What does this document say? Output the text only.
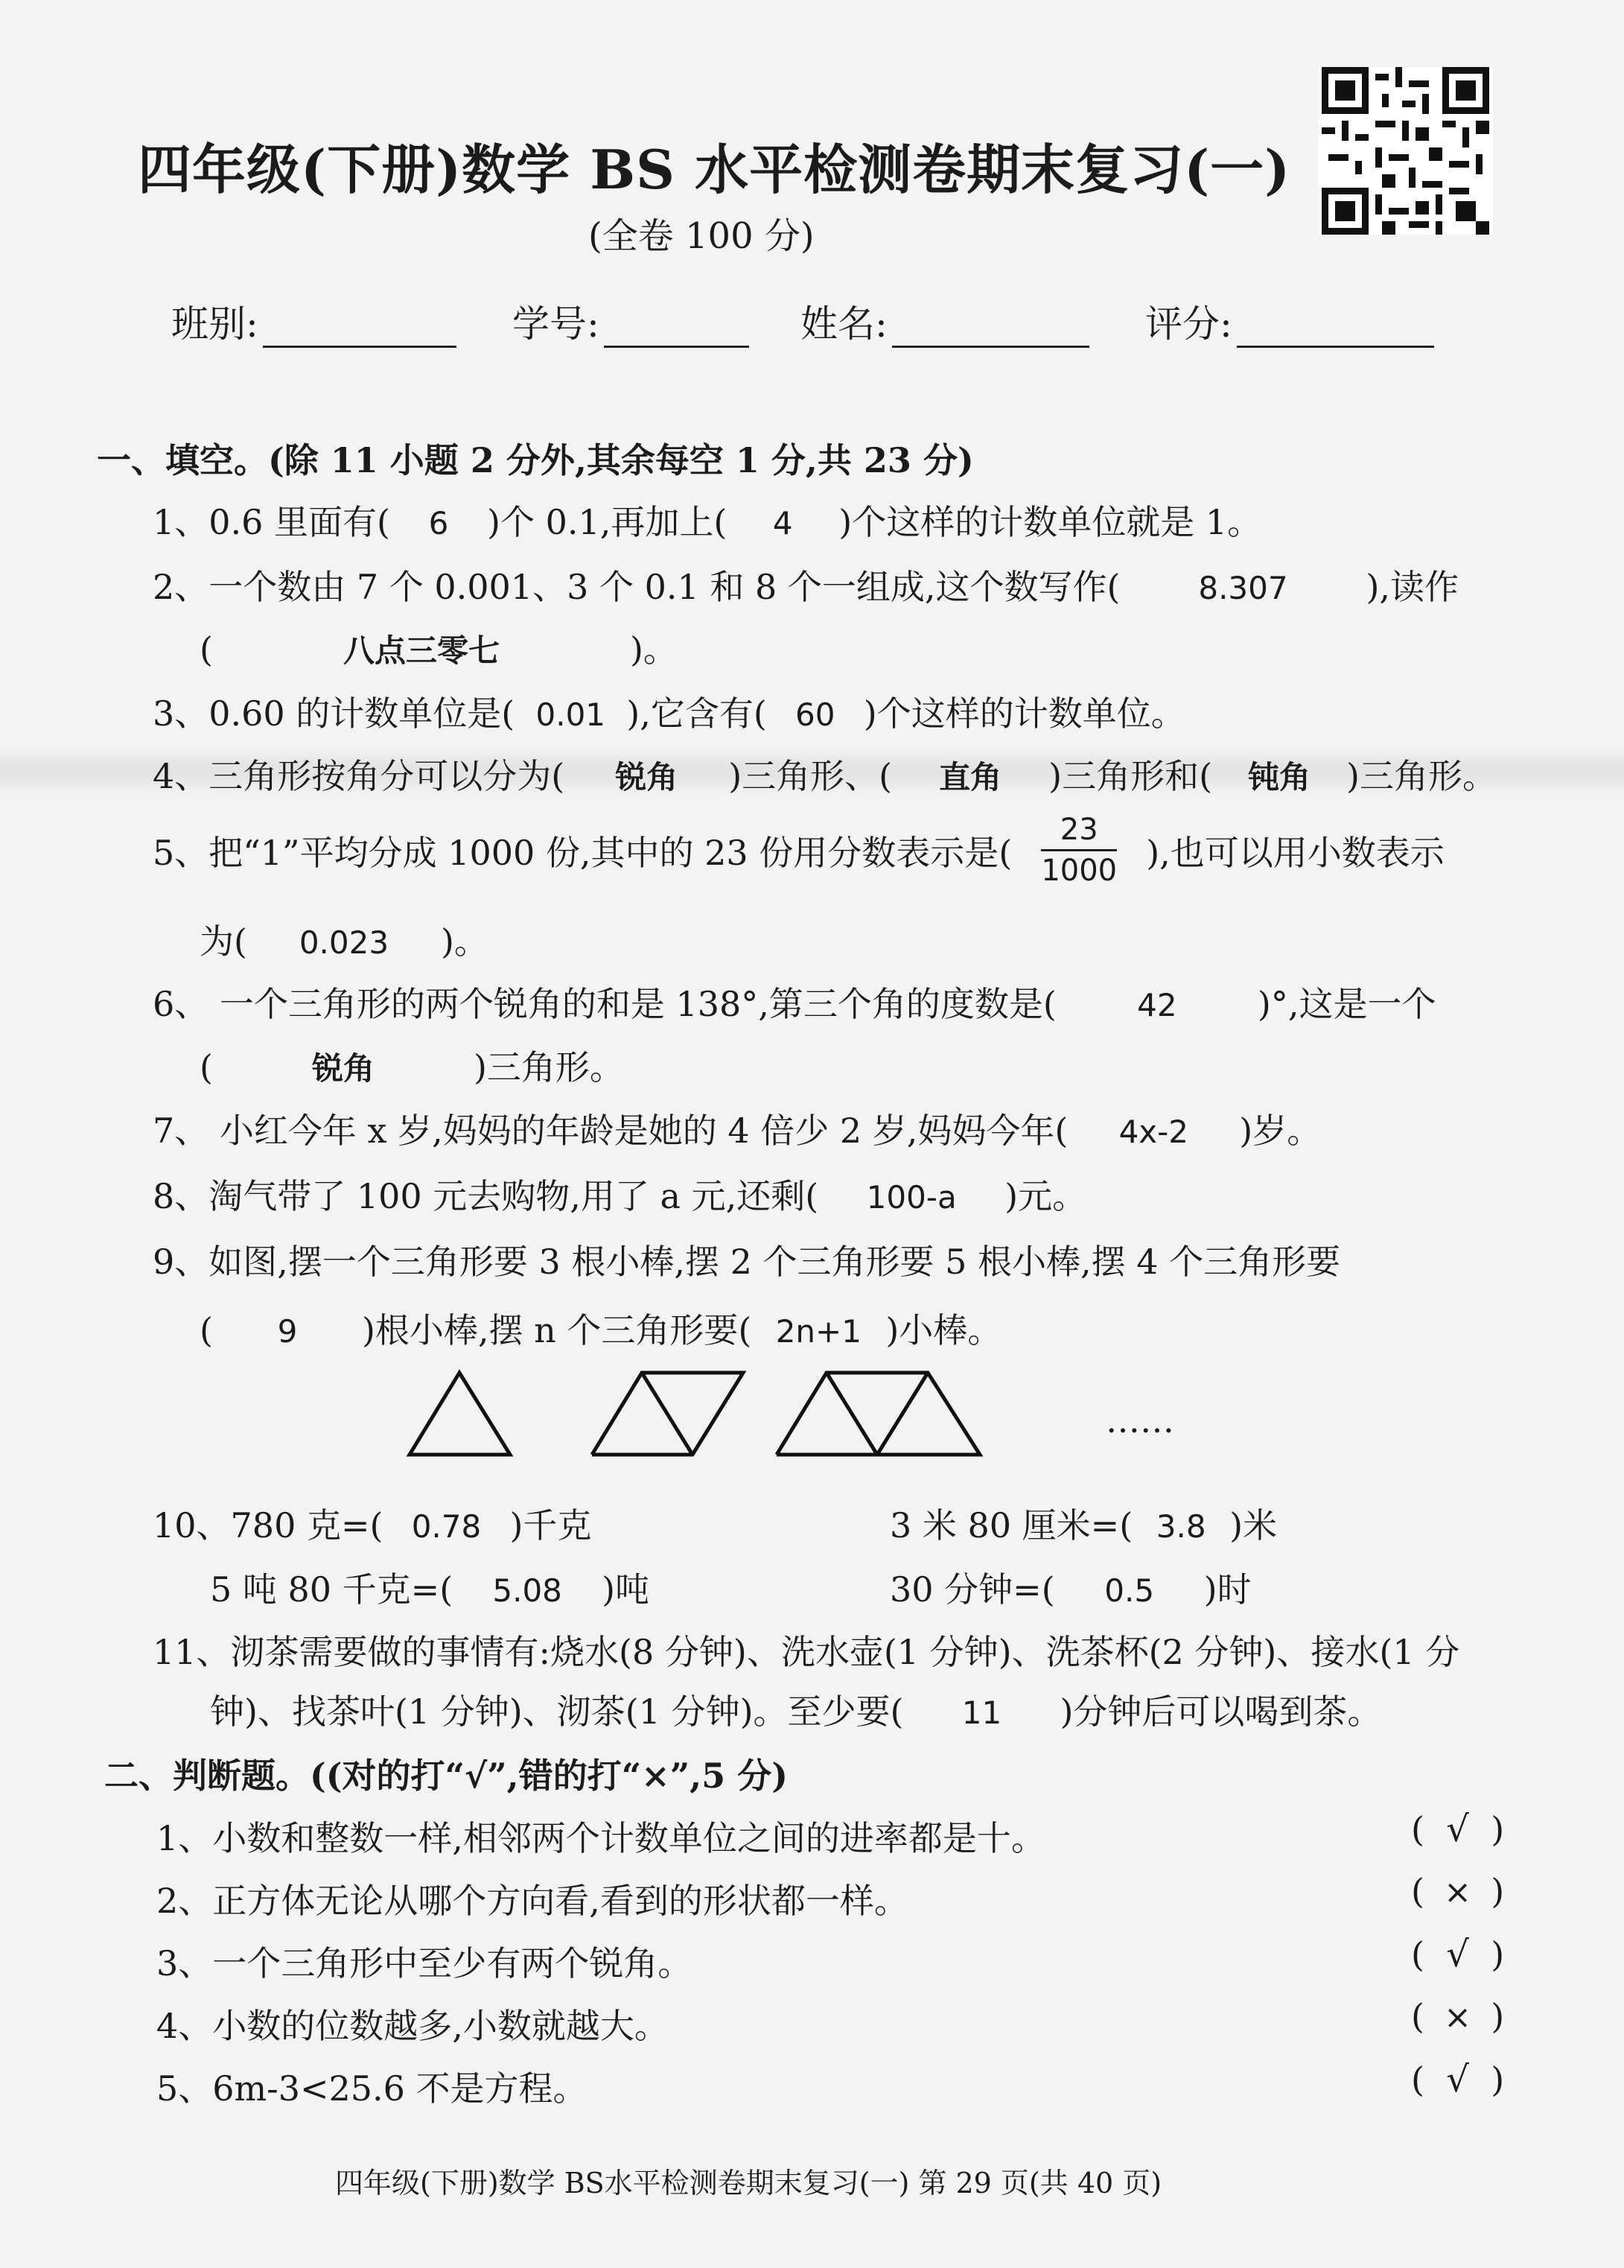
四年级(下册)数学 BS 水平检测卷期末复习(一)
(全卷 100 分)
班别:	学号:	姓名:	评分:
一、填空。(除 11 小题 2 分外,其余每空 1 分,共 23 分)
1、0.6 里面有( 6 )个 0.1,再加上( 4 )个这样的计数单位就是 1。
2、一个数由 7 个 0.001、3 个 0.1 和 8 个一组成,这个数写作( 8.307 ),读作
(	八点三零七	)。
3、0.60 的计数单位是( 0.01 ),它含有( 60 )个这样的计数单位。
4、三角形按角分可以分为( 锐角 )三角形、( 直角 )三角形和( 钝角 )三角形。
5、把“1”平均分成 1000 份,其中的 23 份用分数表示是( $\frac{23}{1000}$ ),也可以用小数表示
为( 0.023 )。
6、 一个三角形的两个锐角的和是 138°,第三个角的度数是(	42 )°,这是一个
(	锐角	)三角形。
7、 小红今年 x 岁,妈妈的年龄是她的 4 倍少 2 岁,妈妈今年( 4x-2 )岁。
8、淘气带了 100 元去购物,用了 a 元,还剩( 100-a )元。
9、如图,摆一个三角形要 3 根小棒,摆 2 个三角形要 5 根小棒,摆 4 个三角形要
( 9 )根小棒,摆 n 个三角形要( 2n+1 )小棒。
……
10、780 克=( 0.78 )千克	3 米 80 厘米=( 3.8 )米
5 吨 80 千克=( 5.08 )吨	30 分钟=( 0.5 )时
11、沏茶需要做的事情有:烧水(8 分钟)、洗水壶(1 分钟)、洗茶杯(2 分钟)、接水(1 分
钟)、找茶叶(1 分钟)、沏茶(1 分钟)。至少要( 11 )分钟后可以喝到茶。
二、判断题。((对的打“√”,错的打“×”,5 分)
1、小数和整数一样,相邻两个计数单位之间的进率都是十。	( √ )
2、正方体无论从哪个方向看,看到的形状都一样。	( × )
3、一个三角形中至少有两个锐角。	( √ )
4、小数的位数越多,小数就越大。	( × )
5、6m-3<25.6 不是方程。	( √ )
四年级(下册)数学 BS水平检测卷期末复习(一) 第 29 页(共 40 页)
